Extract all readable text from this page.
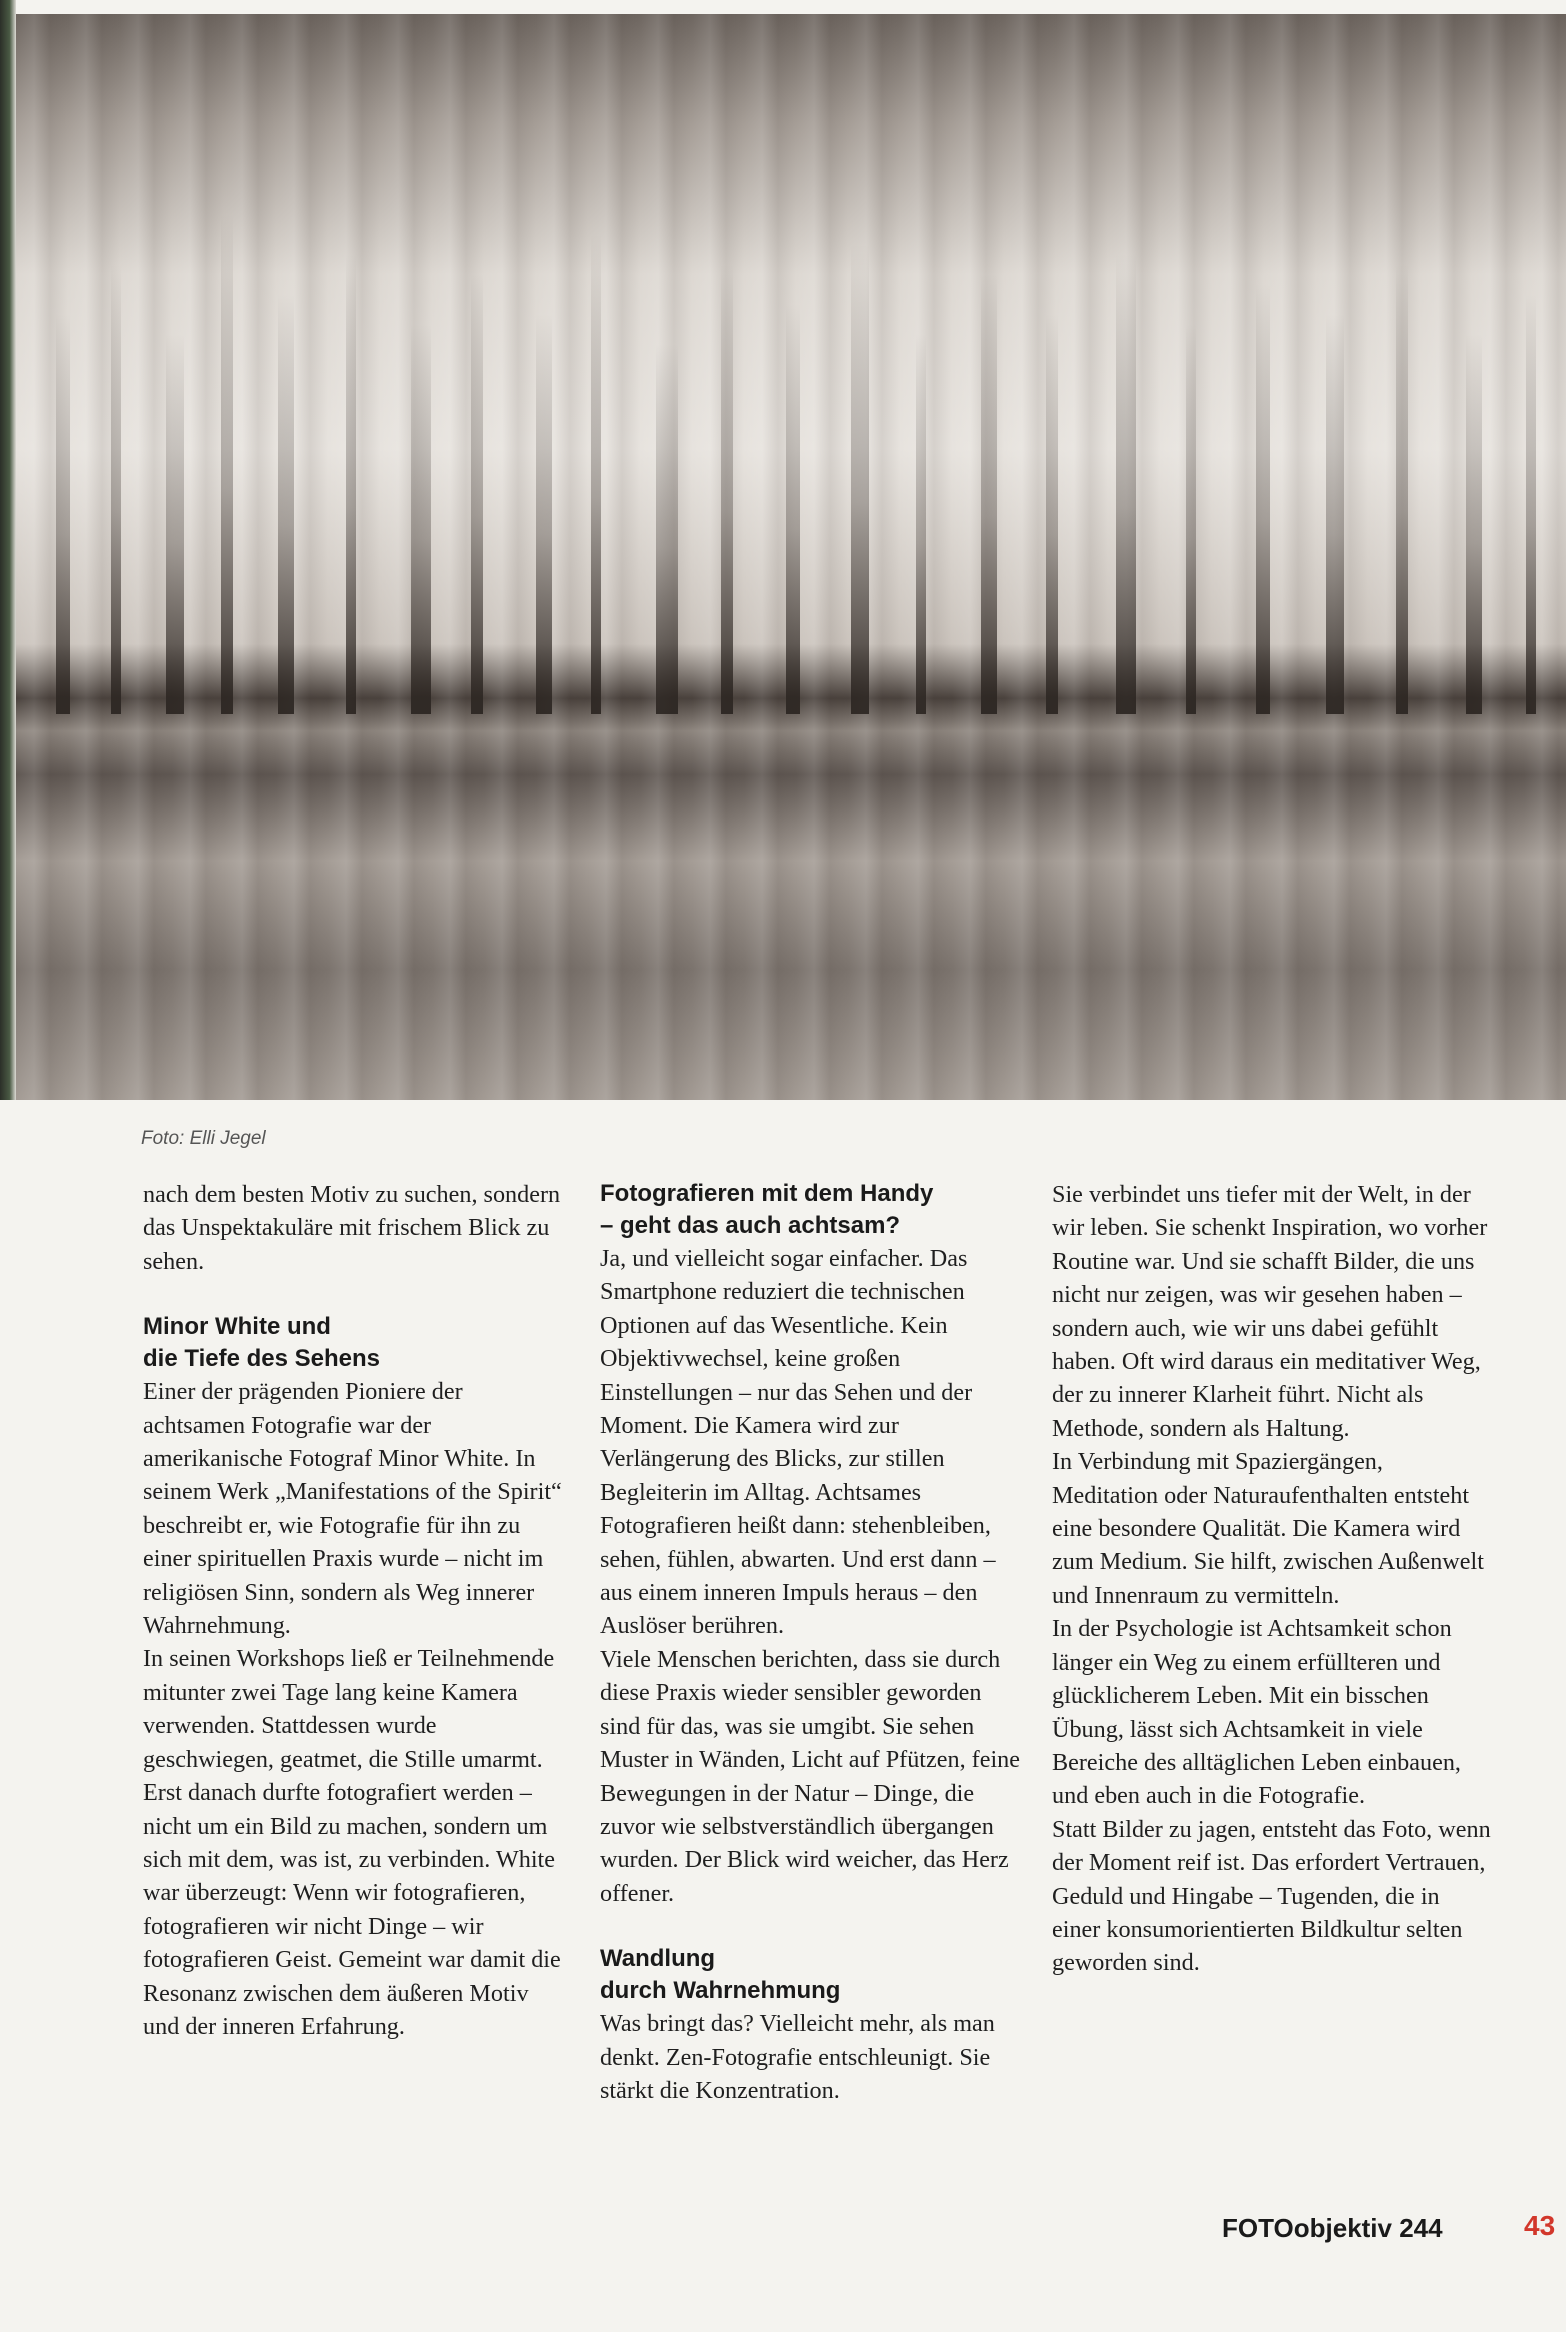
Foto: Elli Jegel

nach dem besten Motiv zu suchen, sondern das Unspektakuläre mit frischem Blick zu sehen.

Minor White und
die Tiefe des Sehens

Einer der prägenden Pioniere der achtsamen Fotografie war der amerikanische Fotograf Minor White. In seinem Werk „Manifestations of the Spirit“ beschreibt er, wie Fotografie für ihn zu einer spirituellen Praxis wurde – nicht im religiösen Sinn, sondern als Weg innerer Wahrnehmung.

In seinen Workshops ließ er Teilnehmende mitunter zwei Tage lang keine Kamera verwenden. Stattdessen wurde geschwiegen, geatmet, die Stille umarmt. Erst danach durfte fotografiert werden – nicht um ein Bild zu machen, sondern um sich mit dem, was ist, zu verbinden. White war überzeugt: Wenn wir fotografieren, fotografieren wir nicht Dinge – wir fotografieren Geist. Gemeint war damit die Resonanz zwischen dem äußeren Motiv und der inneren Erfahrung.

Fotografieren mit dem Handy
– geht das auch achtsam?

Ja, und vielleicht sogar einfacher. Das Smartphone reduziert die technischen Optionen auf das Wesentliche. Kein Objektivwechsel, keine großen Einstellungen – nur das Sehen und der Moment. Die Kamera wird zur Verlängerung des Blicks, zur stillen Begleiterin im Alltag. Achtsames Fotografieren heißt dann: stehenbleiben, sehen, fühlen, abwarten. Und erst dann – aus einem inneren Impuls heraus – den Auslöser berühren.

Viele Menschen berichten, dass sie durch diese Praxis wieder sensibler geworden sind für das, was sie umgibt. Sie sehen Muster in Wänden, Licht auf Pfützen, feine Bewegungen in der Natur – Dinge, die zuvor wie selbstverständlich übergangen wurden. Der Blick wird weicher, das Herz offener.

Wandlung
durch Wahrnehmung

Was bringt das? Vielleicht mehr, als man denkt. Zen-Fotografie entschleunigt. Sie stärkt die Konzentration.

Sie verbindet uns tiefer mit der Welt, in der wir leben. Sie schenkt Inspiration, wo vorher Routine war. Und sie schafft Bilder, die uns nicht nur zeigen, was wir gesehen haben – sondern auch, wie wir uns dabei gefühlt haben. Oft wird daraus ein meditativer Weg, der zu innerer Klarheit führt. Nicht als Methode, sondern als Haltung.

In Verbindung mit Spaziergängen, Meditation oder Naturaufenthalten entsteht eine besondere Qualität. Die Kamera wird zum Medium. Sie hilft, zwischen Außenwelt und Innenraum zu vermitteln.

In der Psychologie ist Achtsamkeit schon länger ein Weg zu einem erfüllteren und glücklicherem Leben. Mit ein bisschen Übung, lässt sich Achtsamkeit in viele Bereiche des alltäglichen Leben einbauen, und eben auch in die Fotografie.

Statt Bilder zu jagen, entsteht das Foto, wenn der Moment reif ist. Das erfordert Vertrauen, Geduld und Hingabe – Tugenden, die in einer konsumorientierten Bildkultur selten geworden sind.

FOTOobjektiv 244	43
